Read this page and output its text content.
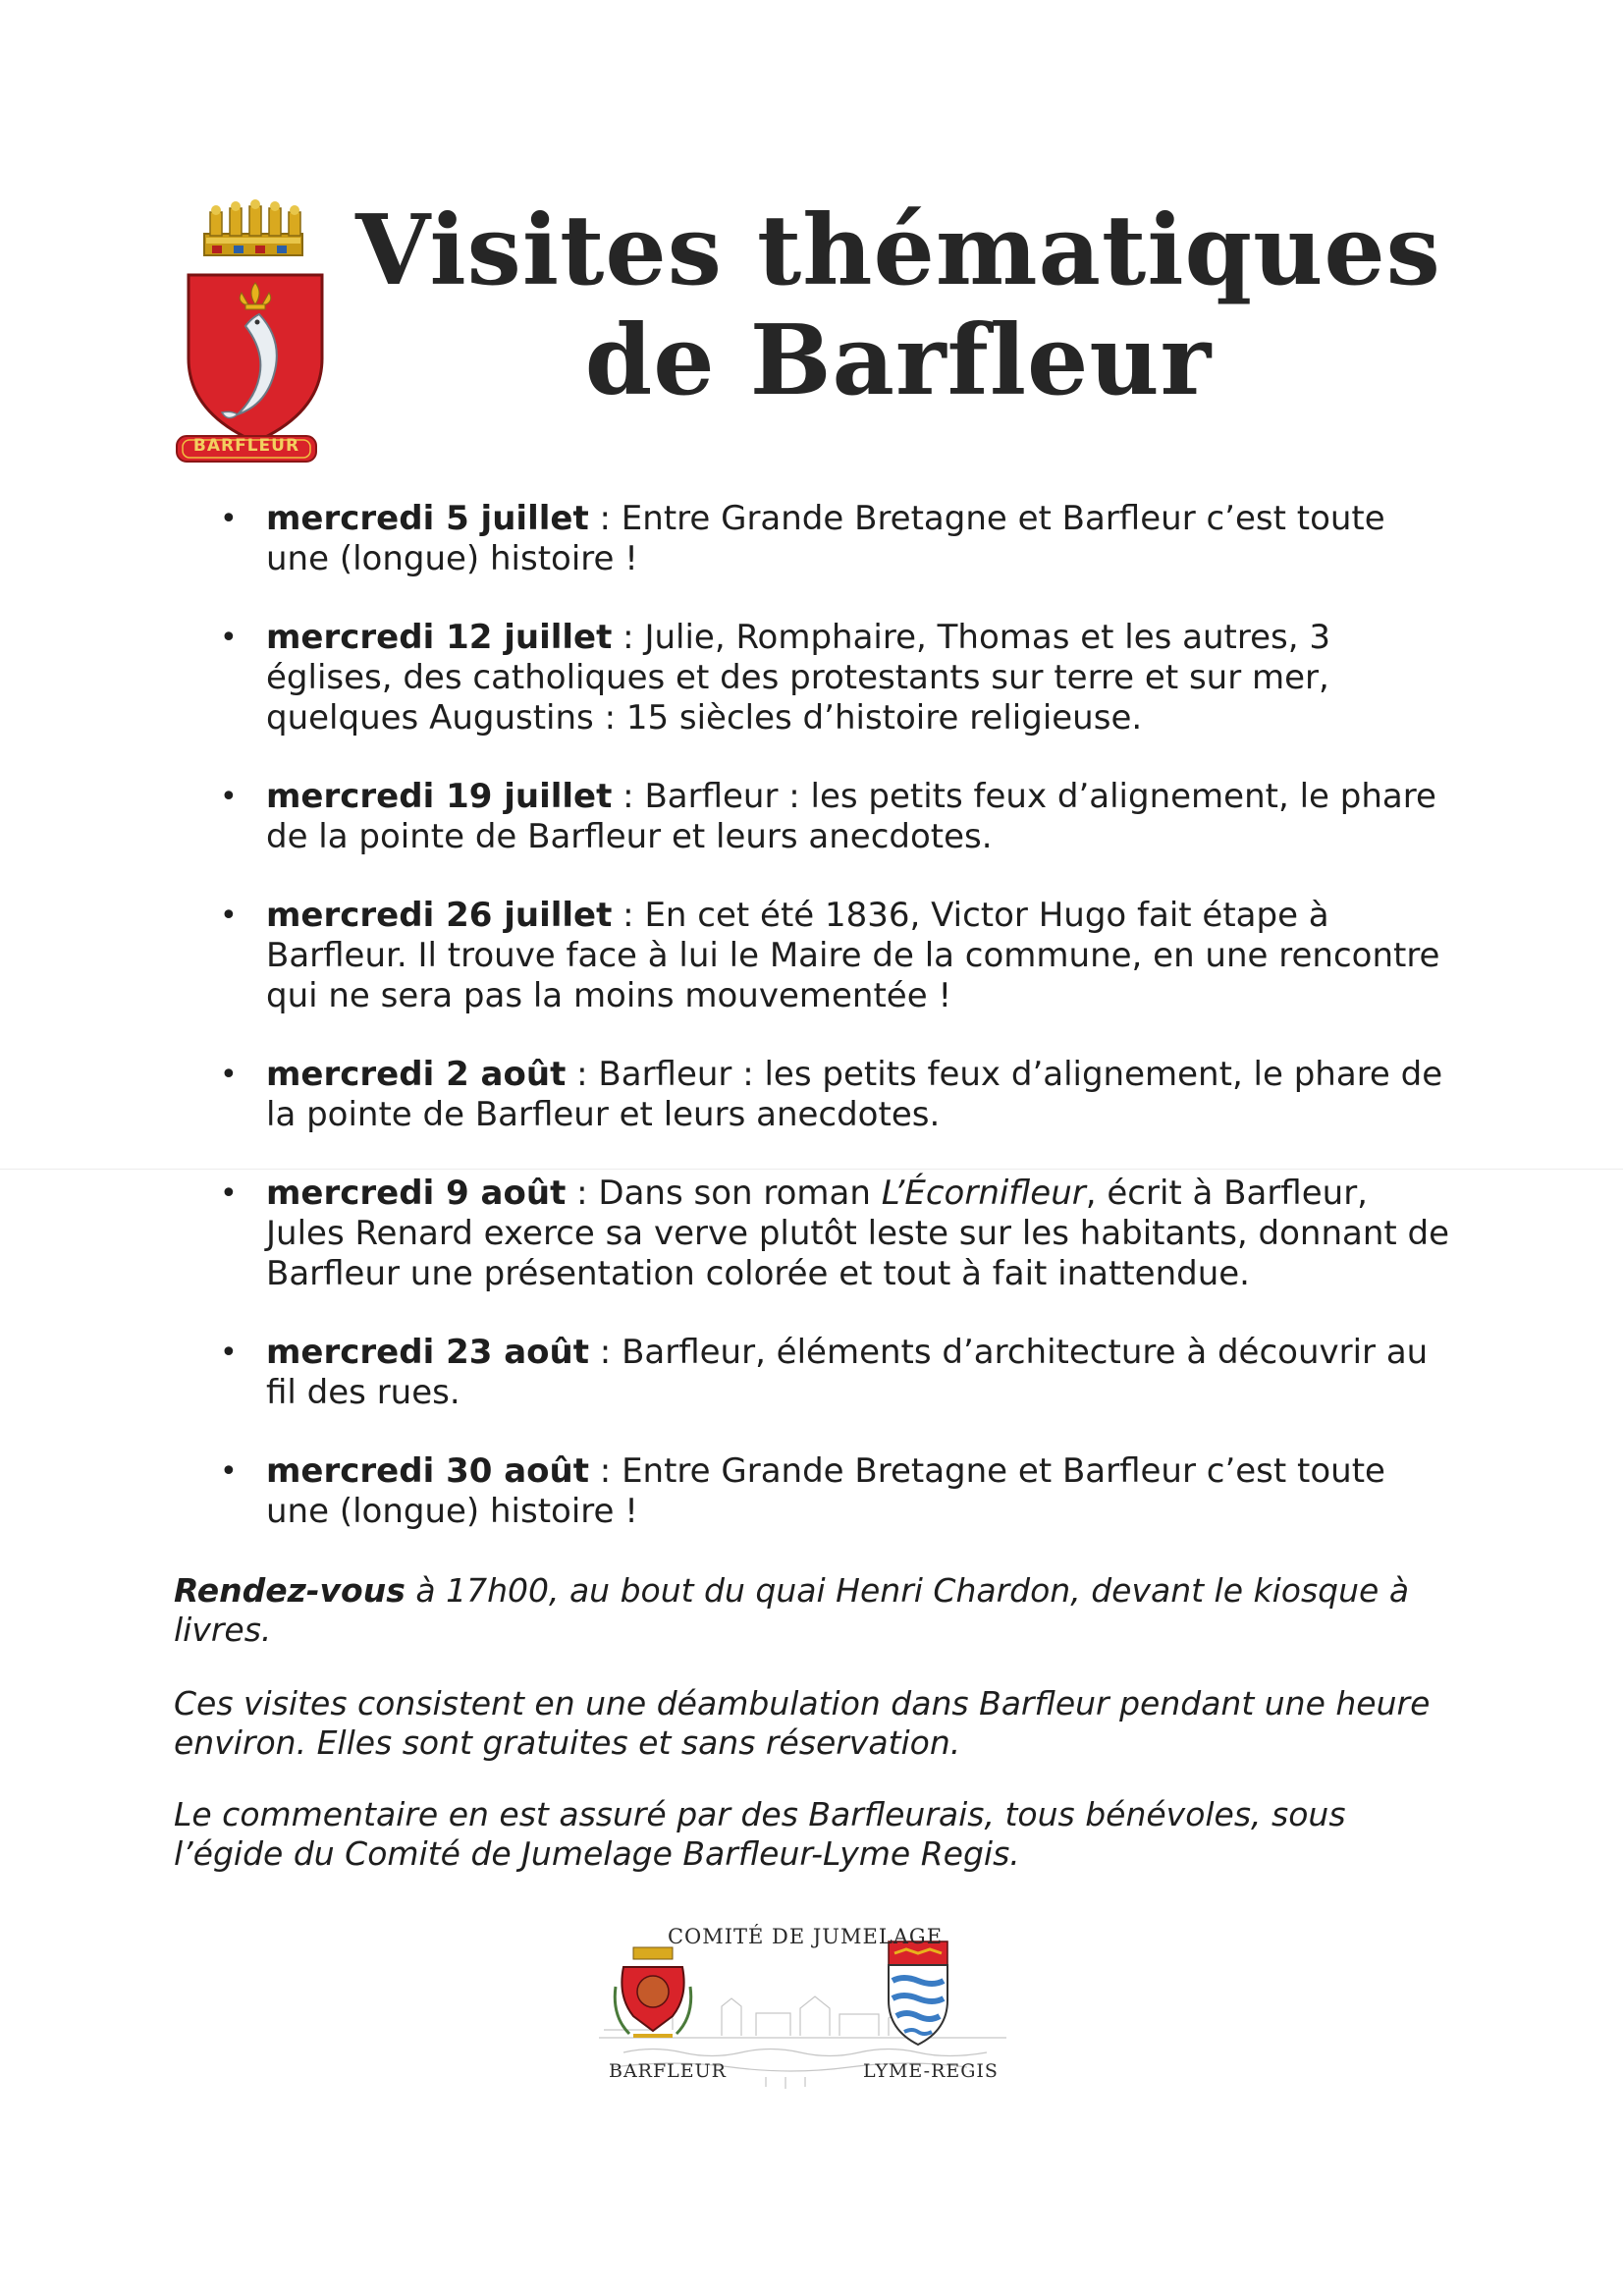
BARFLEUR
Visites thématiques
de Barfleur
• mercredi 5 juillet : Entre Grande Bretagne et Barfleur c’est toute une (longue) histoire !
• mercredi 12 juillet : Julie, Romphaire, Thomas et les autres, 3 églises, des catholiques et des protestants sur terre et sur mer, quelques Augustins : 15 siècles d’histoire religieuse.
• mercredi 19 juillet : Barfleur : les petits feux d’alignement, le phare de la pointe de Barfleur et leurs anecdotes.
• mercredi 26 juillet : En cet été 1836, Victor Hugo fait étape à Barfleur. Il trouve face à lui le Maire de la commune, en une rencontre qui ne sera pas la moins mouvementée !
• mercredi 2 août : Barfleur : les petits feux d’alignement, le phare de la pointe de Barfleur et leurs anecdotes.
• mercredi 9 août : Dans son roman L’Écornifleur, écrit à Barfleur, Jules Renard exerce sa verve plutôt leste sur les habitants, donnant de Barfleur une présentation colorée et tout à fait inattendue.
• mercredi 23 août : Barfleur, éléments d’architecture à découvrir au fil des rues.
• mercredi 30 août : Entre Grande Bretagne et Barfleur c’est toute une (longue) histoire !

Rendez-vous à 17h00, au bout du quai Henri Chardon, devant le kiosque à livres.

Ces visites consistent en une déambulation dans Barfleur pendant une heure environ. Elles sont gratuites et sans réservation.

Le commentaire en est assuré par des Barfleurais, tous bénévoles, sous l’égide du Comité de Jumelage Barfleur-Lyme Regis.

COMITÉ DE JUMELAGE
BARFLEUR	LYME-REGIS
